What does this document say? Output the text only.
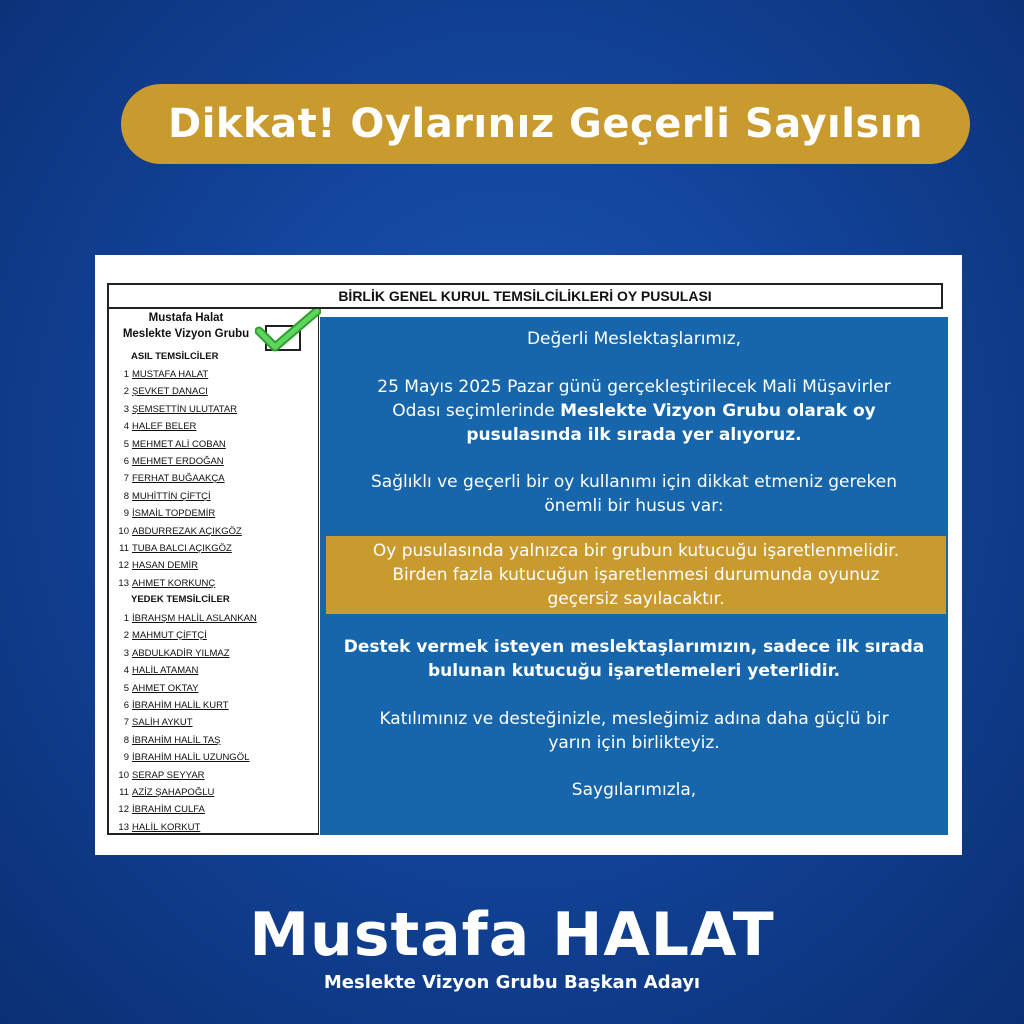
Dikkat! Oylarınız Geçerli Sayılsın
BİRLİK GENEL KURUL TEMSİLCİLİKLERİ OY PUSULASI
Mustafa Halat
Meslekte Vizyon Grubu
ASIL TEMSİLCİLER
1 MUSTAFA HALAT
2 ŞEVKET DANACI
3 ŞEMSETTİN ULUTATAR
4 HALEF BELER
5 MEHMET ALİ COBAN
6 MEHMET ERDOĞAN
7 FERHAT BUĞAAKÇA
8 MUHİTTİN ÇİFTÇİ
9 İSMAİL TOPDEMİR
10 ABDURREZAK AÇIKGÖZ
11 TUBA BALCI AÇIKGÖZ
12 HASAN DEMİR
13 AHMET KORKUNÇ
YEDEK TEMSİLCİLER
1 İBRAHŞM HALİL ASLANKAN
2 MAHMUT ÇİFTÇİ
3 ABDULKADİR YILMAZ
4 HALİL ATAMAN
5 AHMET OKTAY
6 İBRAHİM HALİL KURT
7 SALİH AYKUT
8 İBRAHİM HALİL TAŞ
9 İBRAHİM HALİL UZUNGÖL
10 SERAP SEYYAR
11 AZİZ ŞAHAPOĞLU
12 İBRAHİM CULFA
13 HALİL KORKUT
Değerli Meslektaşlarımız,
25 Mayıs 2025 Pazar günü gerçekleştirilecek Mali Müşavirler
Odası seçimlerinde Meslekte Vizyon Grubu olarak oy
pusulasında ilk sırada yer alıyoruz.
Sağlıklı ve geçerli bir oy kullanımı için dikkat etmeniz gereken
önemli bir husus var:
Oy pusulasında yalnızca bir grubun kutucuğu işaretlenmelidir.
Birden fazla kutucuğun işaretlenmesi durumunda oyunuz
geçersiz sayılacaktır.
Destek vermek isteyen meslektaşlarımızın, sadece ilk sırada
bulunan kutucuğu işaretlemeleri yeterlidir.
Katılımınız ve desteğinizle, mesleğimiz adına daha güçlü bir
yarın için birlikteyiz.
Saygılarımızla,
Mustafa HALAT
Meslekte Vizyon Grubu Başkan Adayı
